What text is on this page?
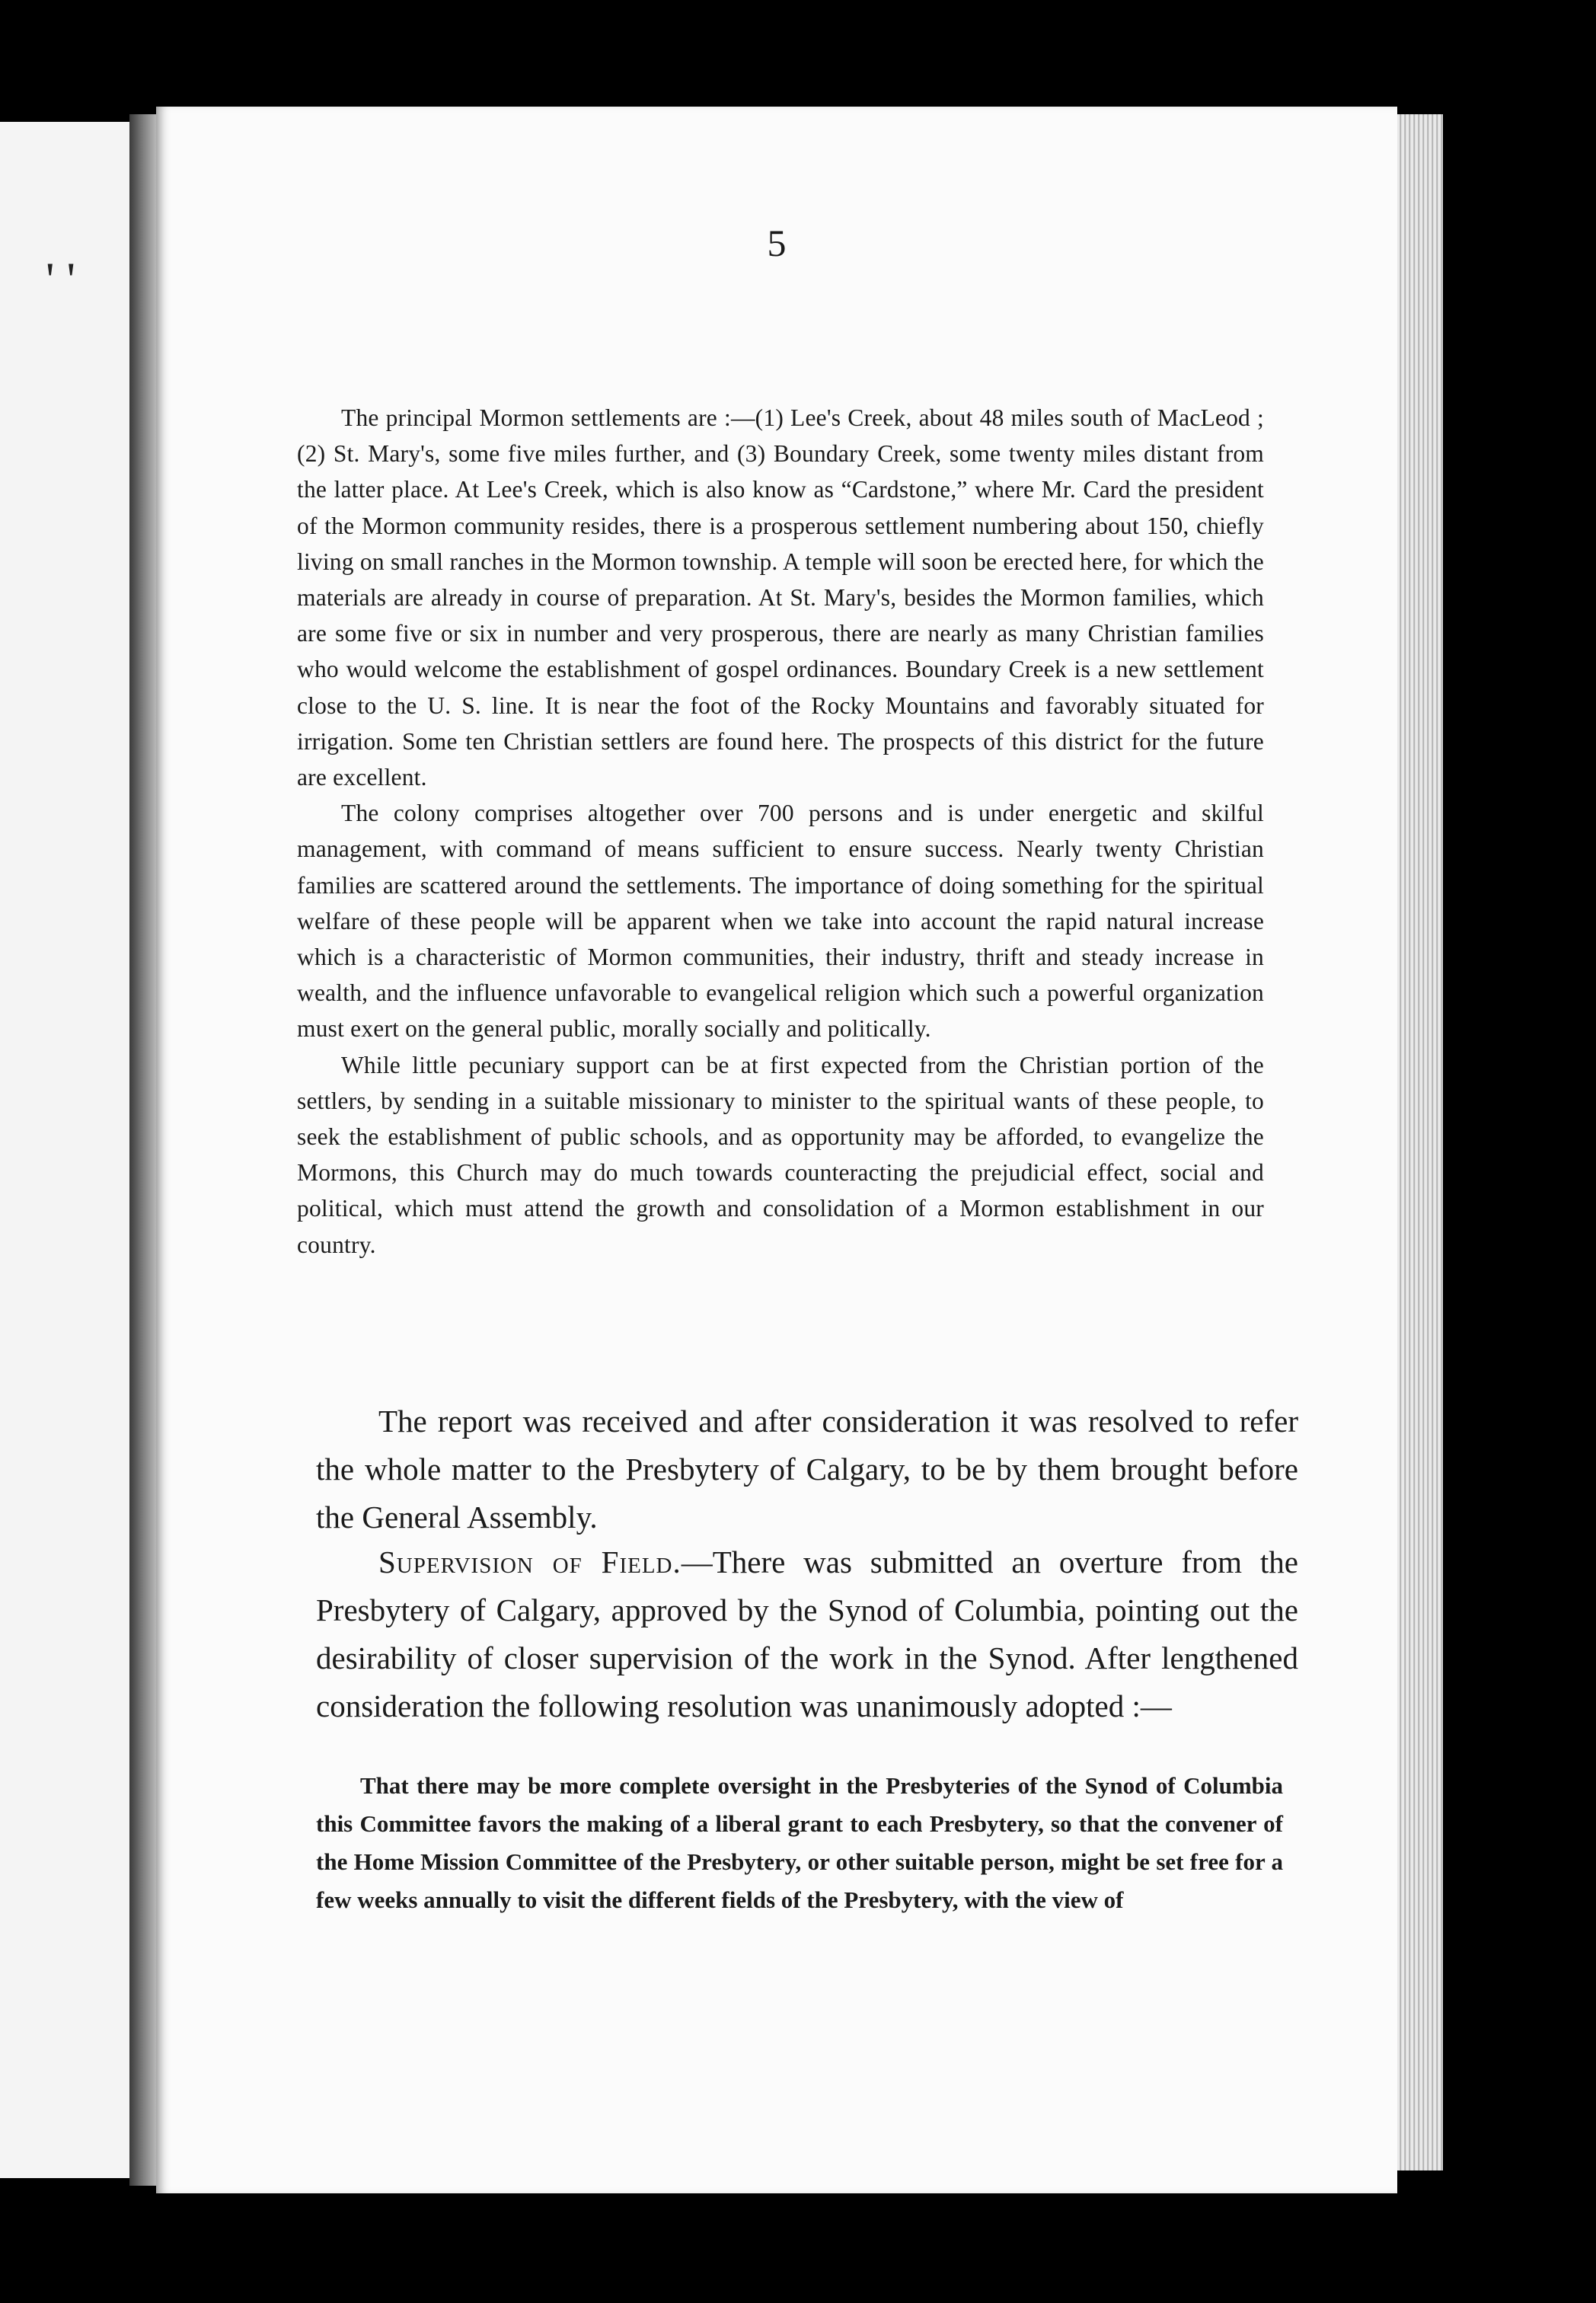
' '
5

The principal Mormon settlements are :—(1) Lee's Creek, about 48 miles south of MacLeod ; (2) St. Mary's, some five miles further, and (3) Boundary Creek, some twenty miles distant from the latter place. At Lee's Creek, which is also know as “Cardstone,” where Mr. Card the president of the Mormon community resides, there is a prosperous settlement numbering about 150, chiefly living on small ranches in the Mormon township. A temple will soon be erected here, for which the materials are already in course of preparation. At St. Mary's, besides the Mormon families, which are some five or six in number and very prosperous, there are nearly as many Christian families who would welcome the establishment of gospel ordinances. Boundary Creek is a new settlement close to the U. S. line. It is near the foot of the Rocky Mountains and favorably situated for irrigation. Some ten Christian settlers are found here. The prospects of this district for the future are excellent.

The colony comprises altogether over 700 persons and is under energetic and skilful management, with command of means sufficient to ensure success. Nearly twenty Christian families are scattered around the settlements. The importance of doing something for the spiritual welfare of these people will be apparent when we take into account the rapid natural increase which is a characteristic of Mormon communities, their industry, thrift and steady increase in wealth, and the influence unfavorable to evangelical religion which such a powerful organization must exert on the general public, morally socially and politically.

While little pecuniary support can be at first expected from the Christian portion of the settlers, by sending in a suitable missionary to minister to the spiritual wants of these people, to seek the establishment of public schools, and as opportunity may be afforded, to evangelize the Mormons, this Church may do much towards counteracting the prejudicial effect, social and political, which must attend the growth and consolidation of a Mormon establishment in our country.

The report was received and after consideration it was resolved to refer the whole matter to the Presbytery of Calgary, to be by them brought before the General Assembly.

Supervision of Field.—There was submitted an overture from the Presbytery of Calgary, approved by the Synod of Columbia, pointing out the desirability of closer supervision of the work in the Synod. After lengthened consideration the following resolution was unanimously adopted :—

That there may be more complete oversight in the Presbyteries of the Synod of Columbia this Committee favors the making of a liberal grant to each Presbytery, so that the convener of the Home Mission Committee of the Presbytery, or other suitable person, might be set free for a few weeks annually to visit the different fields of the Presbytery, with the view of
